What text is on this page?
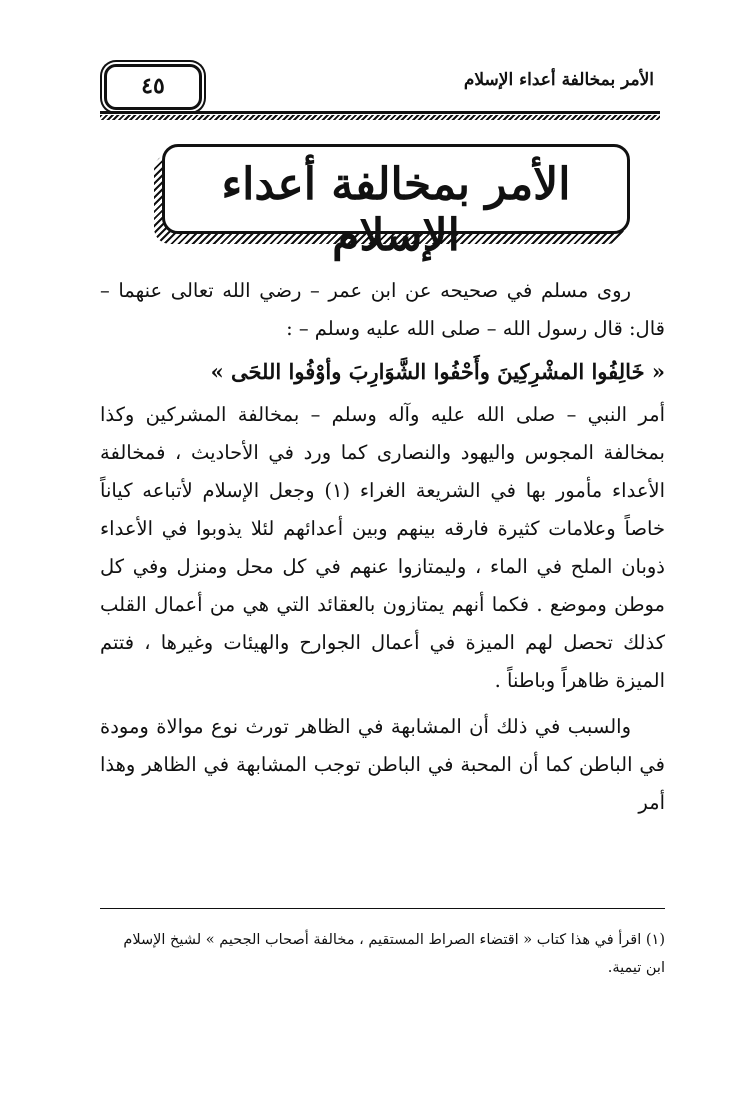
٤٥	الأمر بمخالفة أعداء الإسلام
الأمر بمخالفة أعداء الإسلام

روى مسلم في صحيحه عن ابن عمر – رضي الله تعالى عنهما – قال: قال رسول الله – صلى الله عليه وسلم – :

« خَالِفُوا المشْرِكِينَ وأَحْفُوا الشَّوَارِبَ وأوْفُوا اللحَى »

أمر النبي – صلى الله عليه وآله وسلم – بمخالفة المشركين وكذا بمخالفة المجوس واليهود والنصارى كما ورد في الأحاديث ، فمخالفة الأعداء مأمور بها في الشريعة الغراء (١) وجعل الإسلام لأتباعه كياناً خاصاً وعلامات كثيرة فارقه بينهم وبين أعدائهم لئلا يذوبوا في الأعداء ذوبان الملح في الماء ، وليمتازوا عنهم في كل محل ومنزل وفي كل موطن وموضع . فكما أنهم يمتازون بالعقائد التي هي من أعمال القلب كذلك تحصل لهم الميزة في أعمال الجوارح والهيئات وغيرها ، فتتم الميزة ظاهراً وباطناً .

والسبب في ذلك أن المشابهة في الظاهر تورث نوع موالاة ومودة في الباطن كما أن المحبة في الباطن توجب المشابهة في الظاهر وهذا أمر

(١) اقرأ في هذا كتاب « اقتضاء الصراط المستقيم ، مخالفة أصحاب الجحيم » لشيخ الإسلام ابن تيمية.
